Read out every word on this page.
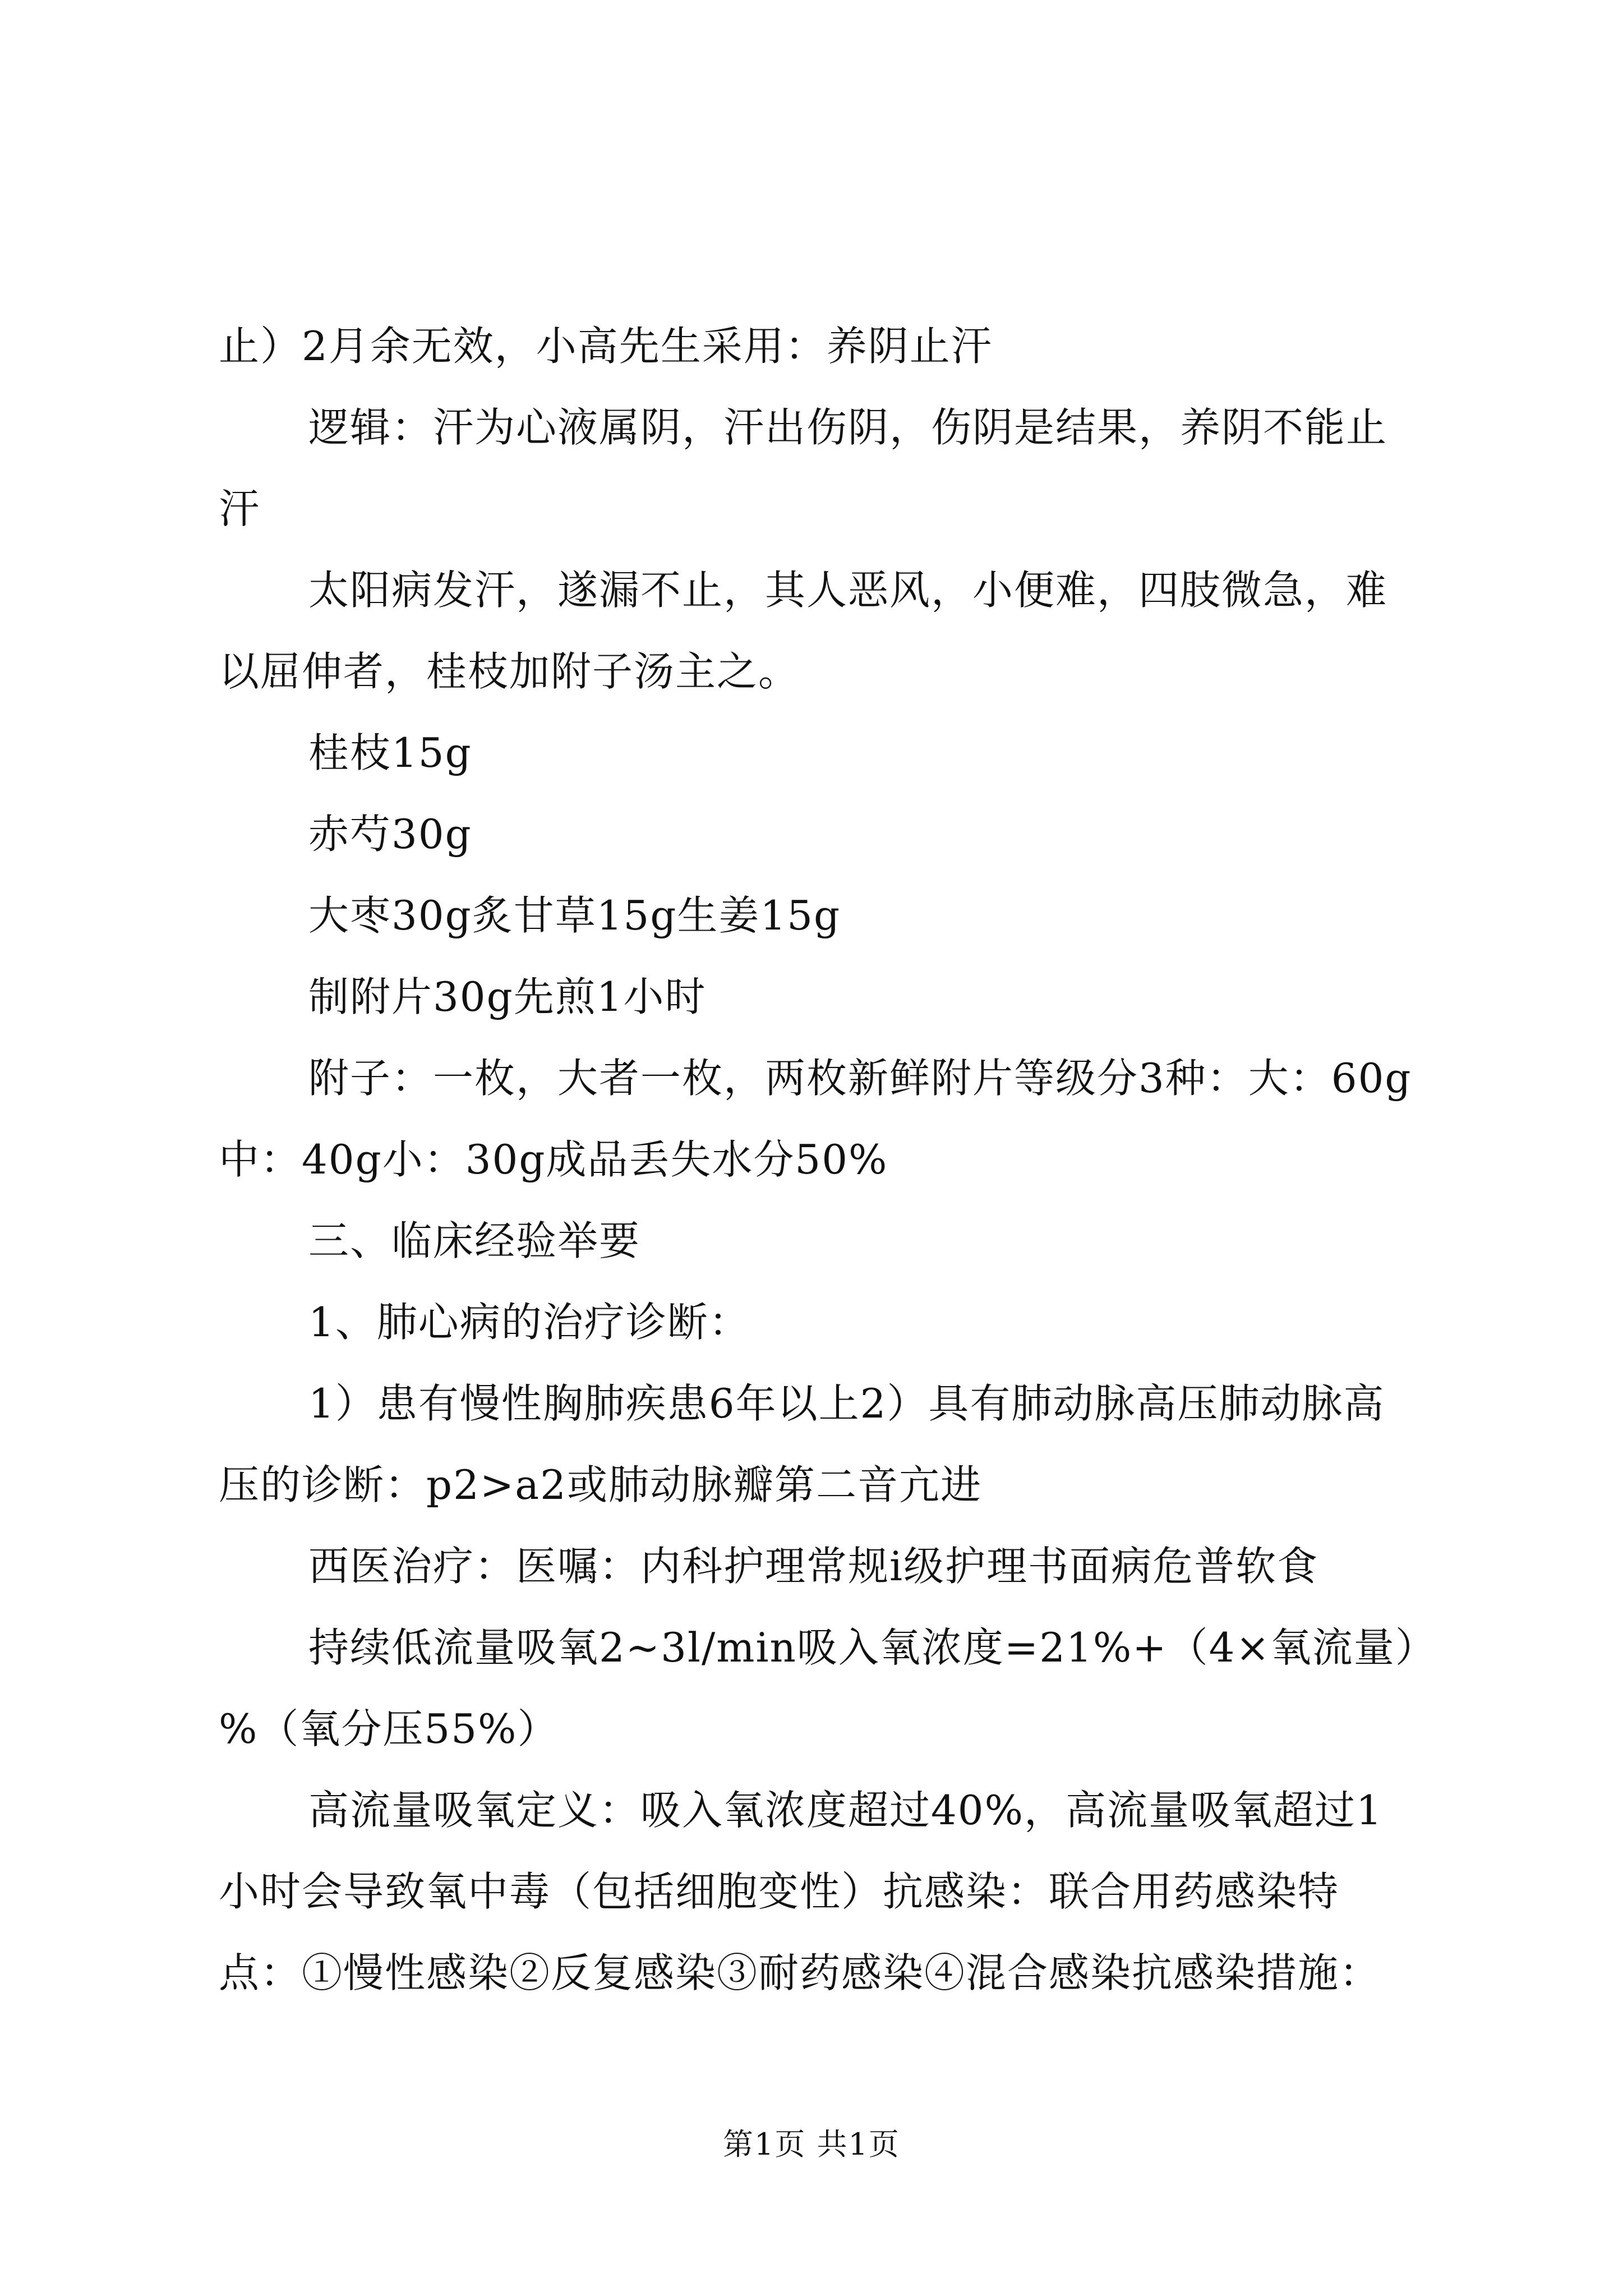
止）2月余无效，小高先生采用：养阴止汗

逻辑：汗为心液属阴，汗出伤阴，伤阴是结果，养阴不能止汗

太阳病发汗，遂漏不止，其人恶风，小便难，四肢微急，难以屈伸者，桂枝加附子汤主之。

桂枝15g

赤芍30g

大枣30g炙甘草15g生姜15g

制附片30g先煎1小时

附子：一枚，大者一枚，两枚新鲜附片等级分3种：大：60g中：40g小：30g成品丢失水分50%

三、临床经验举要

1、肺心病的治疗诊断：

1）患有慢性胸肺疾患6年以上2）具有肺动脉高压肺动脉高压的诊断：p2>a2或肺动脉瓣第二音亢进

西医治疗：医嘱：内科护理常规i级护理书面病危普软食

持续低流量吸氧2~3l/min吸入氧浓度=21%+（4×氧流量）%（氧分压55%）

高流量吸氧定义：吸入氧浓度超过40%，高流量吸氧超过1小时会导致氧中毒（包括细胞变性）抗感染：联合用药感染特点：①慢性感染②反复感染③耐药感染④混合感染抗感染措施：

第1页 共1页
